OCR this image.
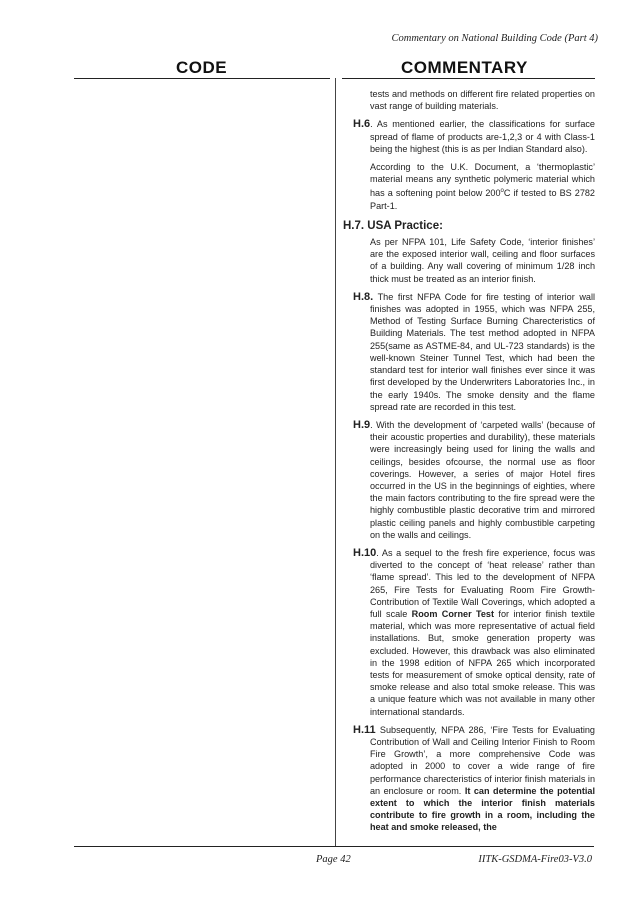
Commentary on National Building Code (Part 4)
CODE	COMMENTARY

tests and methods on different fire related properties on vast range of building materials.

H.6. As mentioned earlier, the classifications for surface spread of flame of products are-1,2,3 or 4 with Class-1 being the highest (this is as per Indian Standard also).

According to the U.K. Document, a ‘thermoplastic’ material means any synthetic polymeric material which has a softening point below 200$^o$C if tested to BS 2782 Part-1.

H.7. USA Practice:

As per NFPA 101, Life Safety Code, ‘interior finishes’ are the exposed interior wall, ceiling and floor surfaces of a building. Any wall covering of minimum 1/28 inch thick must be treated as an interior finish.

H.8. The first NFPA Code for fire testing of interior wall finishes was adopted in 1955, which was NFPA 255, Method of Testing Surface Burning Charecteristics of Building Materials. The test method adopted in NFPA 255(same as ASTME-84, and UL-723 standards) is the well-known Steiner Tunnel Test, which had been the standard test for interior wall finishes ever since it was first developed by the Underwriters Laboratories Inc., in the early 1940s. The smoke density and the flame spread rate are recorded in this test.

H.9. With the development of ‘carpeted walls’ (because of their acoustic properties and durability), these materials were increasingly being used for lining the walls and ceilings, besides ofcourse, the normal use as floor coverings. However, a series of major Hotel fires occurred in the US in the beginnings of eighties, where the main factors contributing to the fire spread were the highly combustible plastic decorative trim and mirrored plastic ceiling panels and highly combustible carpeting on the walls and ceilings.

H.10. As a sequel to the fresh fire experience, focus was diverted to the concept of ‘heat release’ rather than ‘flame spread’. This led to the development of NFPA 265, Fire Tests for Evaluating Room Fire Growth-Contribution of Textile Wall Coverings, which adopted a full scale Room Corner Test for interior finish textile material, which was more representative of actual field installations. But, smoke generation property was excluded. However, this drawback was also eliminated in the 1998 edition of NFPA 265 which incorporated tests for measurement of smoke optical density, rate of smoke release and also total smoke release. This was a unique feature which was not available in many other international standards.

H.11 Subsequently, NFPA 286, ‘Fire Tests for Evaluating Contribution of Wall and Ceiling Interior Finish to Room Fire Growth’, a more comprehensive Code was adopted in 2000 to cover a wide range of fire performance charecteristics of interior finish materials in an enclosure or room. It can determine the potential extent to which the interior finish materials contribute to fire growth in a room, including the heat and smoke released, the

Page 42	IITK-GSDMA-Fire03-V3.0
